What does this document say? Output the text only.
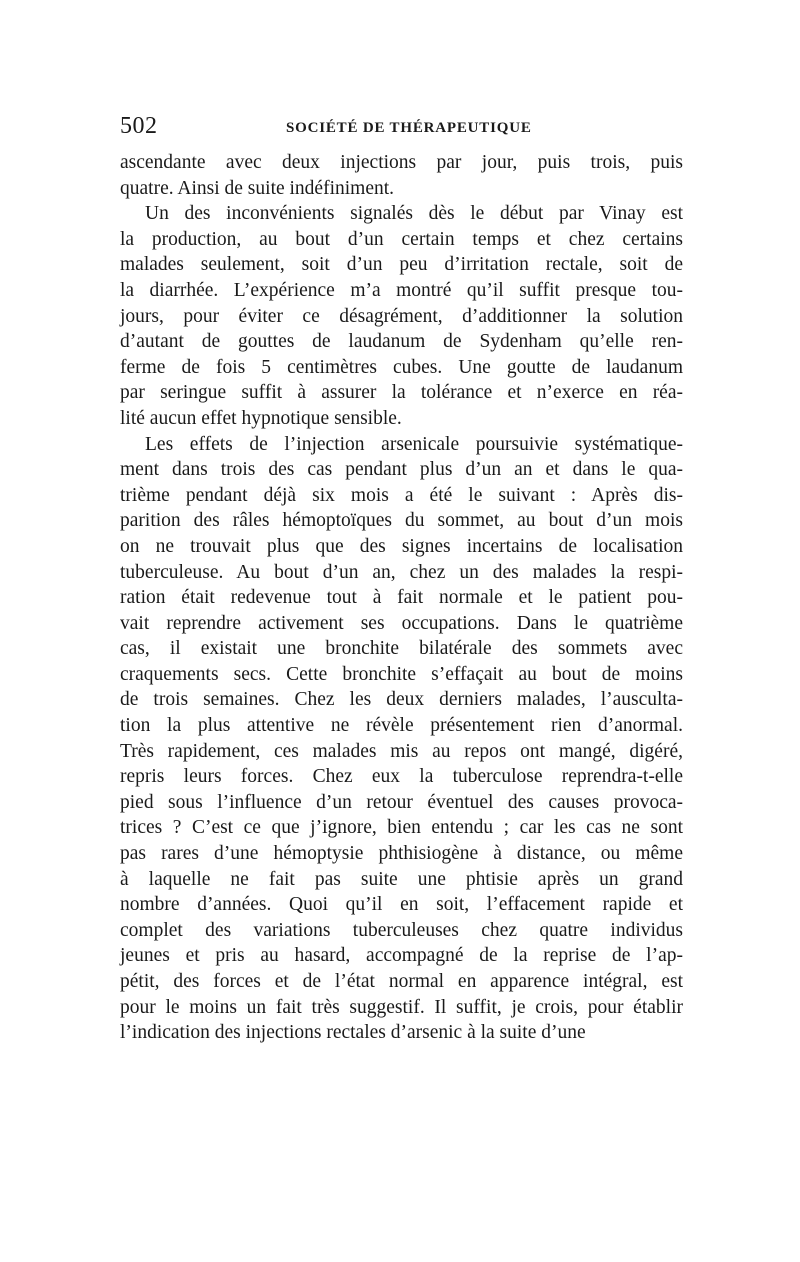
502	SOCIÉTÉ DE THÉRAPEUTIQUE
ascendante avec deux injections par jour, puis trois, puis
quatre. Ainsi de suite indéfiniment.
Un des inconvénients signalés dès le début par Vinay est
la production, au bout d’un certain temps et chez certains
malades seulement, soit d’un peu d’irritation rectale, soit de
la diarrhée. L’expérience m’a montré qu’il suffit presque tou-
jours, pour éviter ce désagrément, d’additionner la solution
d’autant de gouttes de laudanum de Sydenham qu’elle ren-
ferme de fois 5 centimètres cubes. Une goutte de laudanum
par seringue suffit à assurer la tolérance et n’exerce en réa-
lité aucun effet hypnotique sensible.
Les effets de l’injection arsenicale poursuivie systématique-
ment dans trois des cas pendant plus d’un an et dans le qua-
trième pendant déjà six mois a été le suivant : Après dis-
parition des râles hémoptoïques du sommet, au bout d’un mois
on ne trouvait plus que des signes incertains de localisation
tuberculeuse. Au bout d’un an, chez un des malades la respi-
ration était redevenue tout à fait normale et le patient pou-
vait reprendre activement ses occupations. Dans le quatrième
cas, il existait une bronchite bilatérale des sommets avec
craquements secs. Cette bronchite s’effaçait au bout de moins
de trois semaines. Chez les deux derniers malades, l’ausculta-
tion la plus attentive ne révèle présentement rien d’anormal.
Très rapidement, ces malades mis au repos ont mangé, digéré,
repris leurs forces. Chez eux la tuberculose reprendra-t-elle
pied sous l’influence d’un retour éventuel des causes provoca-
trices ? C’est ce que j’ignore, bien entendu ; car les cas ne sont
pas rares d’une hémoptysie phthisiogène à distance, ou même
à laquelle ne fait pas suite une phtisie après un grand
nombre d’années. Quoi qu’il en soit, l’effacement rapide et
complet des variations tuberculeuses chez quatre individus
jeunes et pris au hasard, accompagné de la reprise de l’ap-
pétit, des forces et de l’état normal en apparence intégral, est
pour le moins un fait très suggestif. Il suffit, je crois, pour établir
l’indication des injections rectales d’arsenic à la suite d’une
